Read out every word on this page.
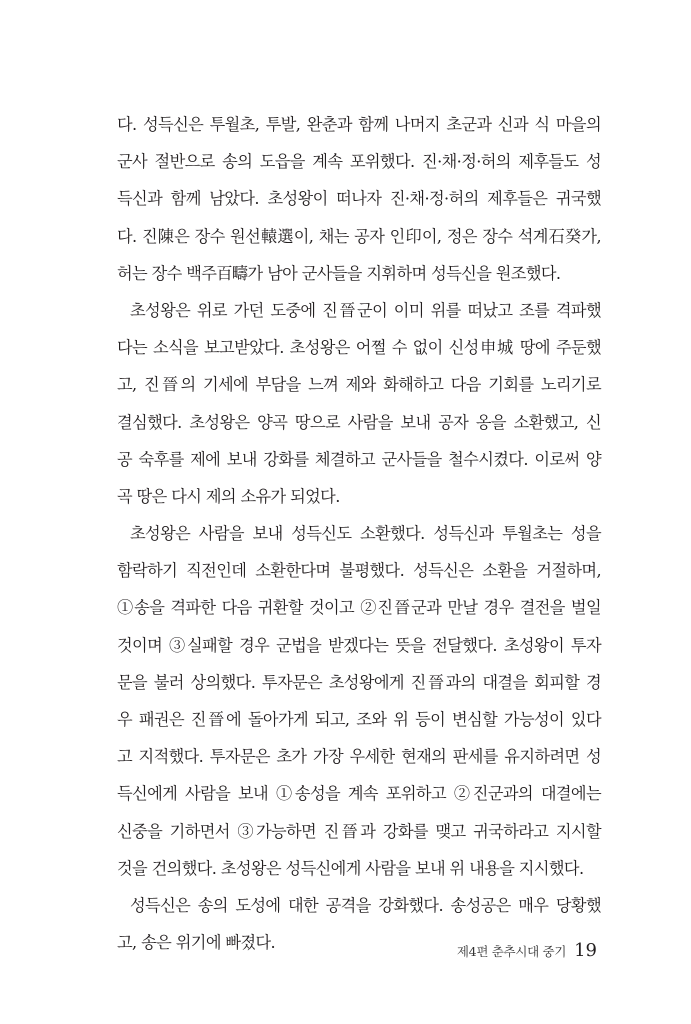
다. 성득신은 투월초, 투발, 완춘과 함께 나머지 초군과 신과 식 마을의
군사 절반으로 송의 도읍을 계속 포위했다. 진·채·정·허의 제후들도 성
득신과 함께 남았다. 초성왕이 떠나자 진·채·정·허의 제후들은 귀국했
다. 진陳은 장수 원선轅選이, 채는 공자 인印이, 정은 장수 석계石癸가,
허는 장수 백주百疇가 남아 군사들을 지휘하며 성득신을 원조했다.
초성왕은 위로 가던 도중에 진晉군이 이미 위를 떠났고 조를 격파했
다는 소식을 보고받았다. 초성왕은 어쩔 수 없이 신성申城 땅에 주둔했
고, 진晉의 기세에 부담을 느껴 제와 화해하고 다음 기회를 노리기로
결심했다. 초성왕은 양곡 땅으로 사람을 보내 공자 옹을 소환했고, 신
공 숙후를 제에 보내 강화를 체결하고 군사들을 철수시켰다. 이로써 양
곡 땅은 다시 제의 소유가 되었다.
초성왕은 사람을 보내 성득신도 소환했다. 성득신과 투월초는 성을
함락하기 직전인데 소환한다며 불평했다. 성득신은 소환을 거절하며,
①송을 격파한 다음 귀환할 것이고 ②진晉군과 만날 경우 결전을 벌일
것이며 ③실패할 경우 군법을 받겠다는 뜻을 전달했다. 초성왕이 투자
문을 불러 상의했다. 투자문은 초성왕에게 진晉과의 대결을 회피할 경
우 패권은 진晉에 돌아가게 되고, 조와 위 등이 변심할 가능성이 있다
고 지적했다. 투자문은 초가 가장 우세한 현재의 판세를 유지하려면 성
득신에게 사람을 보내 ①송성을 계속 포위하고 ②진군과의 대결에는
신중을 기하면서 ③가능하면 진晉과 강화를 맺고 귀국하라고 지시할
것을 건의했다. 초성왕은 성득신에게 사람을 보내 위 내용을 지시했다.
성득신은 송의 도성에 대한 공격을 강화했다. 송성공은 매우 당황했
고, 송은 위기에 빠졌다.	제4편 춘추시대 중기 19
